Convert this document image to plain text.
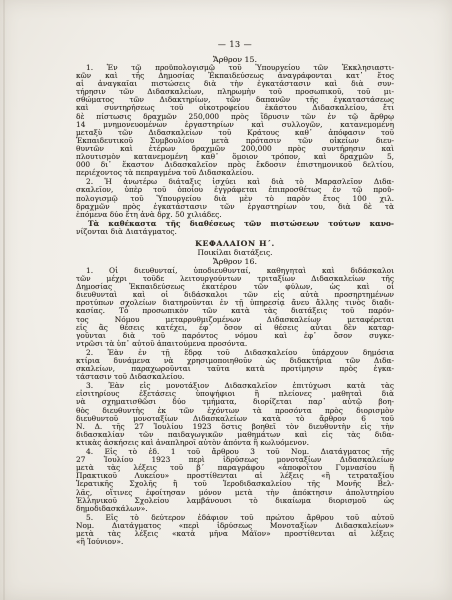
— 13 —
Ἄρθρον 15.
1. Ἐν τῷ προϋπολογισμῷ τοῦ Ὑπουργείου τῶν Ἐκκλησιαστι-
κῶν καὶ τῆς Δημοσίας Ἐκπαιδεύσεως ἀναγράφονται κατ᾽ ἔτος
αἱ ἀναγκαῖαι πιστώσεις διὰ τὴν ἐγκατάστασιν καὶ διὰ συν-
τήρησιν τῶν Διδασκαλείων, πληρωμὴν τοῦ προσωπικοῦ, τοῦ μι-
σθώματος τῶν Διδακτηρίων, τῶν δαπανῶν τῆς ἐγκαταστάσεως
καὶ συντηρήσεως τοῦ οἰκοτροφείου ἑκάστου Διδασκαλείου, ἔτι
δὲ πίστωσις δραχμῶν 250,000 πρὸς ἵδρυσιν τῶν ἐν τῷ ἄρθρῳ
14 μνημονευομένων ἐργαστηρίων καὶ συλλογῶν, κατανεμομένη
μεταξὺ τῶν Διδασκαλείων τοῦ Κράτους καθ᾽ ἀπόφασιν τοῦ
Ἐκπαιδευτικοῦ Συμβουλίου μετὰ πρότασιν τῶν οἰκείων διευ-
θυντῶν καὶ ἑτέρων δραχμῶν 200,000 πρὸς συντήρησιν καὶ
πλουτισμὸν κατανεμομένη καθ᾽ ὅμοιον τρόπον, καὶ δραχμῶν 5,
000 δι᾽ ἕκαστον Διδασκαλεῖον πρὸς ἔκδοσιν ἐπιστημονικοῦ δελτίου,
περιέχοντος τὰ πεπραγμένα τοῦ Διδασκαλείου.
2. Ἡ ἀνωτέρω διάταξις ἰσχύει καὶ διὰ τὸ Μαρασλεῖον Διδα-
σκαλεῖον, ὑπὲρ τοῦ ὁποίου ἐγγράφεται ἐπιπροσθέτως ἐν τῷ προϋ-
πολογισμῷ τοῦ Ὑπουργείου διὰ μὲν τὸ παρὸν ἔτος 100 χιλ.
δραχμῶν πρὸς ἐγκατάστασιν τῶν ἐργαστηρίων του, διὰ δὲ τὰ
ἑπόμενα δύο ἔτη ἀνὰ δρχ. 50 χιλιάδες.
Τὰ καθέκαστα τῆς διαθέσεως τῶν πιστώσεων τούτων κανο-
νίζονται διὰ Διατάγματος.
ΚΕΦΑΛΑΙΟΝ Η΄.
Ποικίλαι διατάξεις.
Ἄρθρον 16.
1. Οἱ διευθυνταί, ὑποδιευθυνταί, καθηγηταὶ καὶ διδάσκαλοι
τῶν μέχρι τοῦδε λειτουργούντων τριταξίων Διδασκαλείων τῆς
Δημοσίας Ἐκπαιδεύσεως ἑκατέρου τῶν φύλων, ὡς καὶ οἱ
διευθυνταὶ καὶ οἱ διδάσκαλοι τῶν εἰς αὐτὰ προσηρτημένων
προτύπων σχολείων διατηροῦνται ἐν τῇ ὑπηρεσίᾳ ἄνευ ἄλλης τινὸς διαδι-
κασίας. Τὸ προσωπικὸν τῶν κατὰ τὰς διατάξεις τοῦ παρόν-
τος Νόμου μεταρρυθμιζομένων Διδασκαλείων μεταφέρεται
εἰς ἃς θέσεις κατέχει, ἐφ᾽ ὅσον αἱ θέσεις αὗται δὲν καταρ-
γοῦνται διὰ τοῦ παρόντος νόμου καὶ ἐφ᾽ ὅσον συγκε-
ντρῶσι τὰ ὑπ᾽ αὐτοῦ ἀπαιτούμενα προσόντα.
2. Ἐὰν ἐν τῇ ἕδρᾳ τοῦ Διδασκαλείου ὑπάρχουν δημόσια
κτίρια δυνάμενα νὰ χρησιμοποιηθοῦν ὡς διδακτήρια τῶν Διδα-
σκαλείων, παραχωροῦνται ταῦτα κατὰ προτίμησιν πρὸς ἐγκα-
τάστασιν τοῦ Διδασκαλείου.
3. Ἐὰν εἰς μονοτάξιον Διδασκαλεῖον ἐπιτύχωσι κατὰ τὰς
εἰσιτηρίους ἐξετάσεις ὑποψήφιοι ἢ πλείονες μαθηταὶ διὰ
νὰ σχηματισθῶσι δύο τμήματα, διορίζεται παρ᾽ αὐτῷ βοη-
θὸς διευθυντὴς ἐκ τῶν ἐχόντων τὰ προσόντα πρὸς διορισμὸν
διευθυντοῦ μονοταξίων Διδασκαλείων κατὰ τὸ ἄρθρον 6 τοῦ
Ν. Δ. τῆς 27 Ἰουλίου 1923 ὅστις βοηθεῖ τὸν διευθυντὴν εἰς τὴν
διδασκαλίαν τῶν παιδαγωγικῶν μαθημάτων καὶ εἰς τὰς διδα-
κτικὰς ἀσκήσεις καὶ ἀναπληροῖ αὐτὸν ἀπόντα ἢ κωλυόμενον.
4. Εἰς τὸ ἐδ. 1 τοῦ ἄρθρου 3 τοῦ Νομ. Διατάγματος τῆς
27 Ἰουλίου 1923 περὶ ἱδρύσεως μονοταξίων Διδασκαλείων
μετὰ τὰς λέξεις τοῦ β΄ παραγράφου «ἀποφοίτου Γυμνασίου ἢ
Πρακτικοῦ Λυκείου» προστίθενται αἱ λέξεις «ἢ τετραταξίου
Ἱερατικῆς Σχολῆς ἢ τοῦ Ἱεροδιδασκαλείου τῆς Μονῆς Βελ-
λᾶς, οἵτινες ἐφοίτησαν μόνον μετὰ τὴν ἀπόκτησιν ἀπολυτηρίου
Ἑλληνικοῦ Σχολείου λαμβάνουσι τὸ δικαίωμα διορισμοῦ ὡς
δημοδιδασκάλων».
5. Εἰς τὸ δεύτερον ἐδάφιον τοῦ πρώτου ἄρθρου τοῦ αὐτοῦ
Νομ. Διατάγματος «περὶ ἱδρύσεως Μονοταξίων Διδασκαλείων»
μετὰ τὰς λέξεις «κατὰ μῆνα Μάϊον» προστίθενται αἱ λέξεις
«ἢ Ἰούνιον».
